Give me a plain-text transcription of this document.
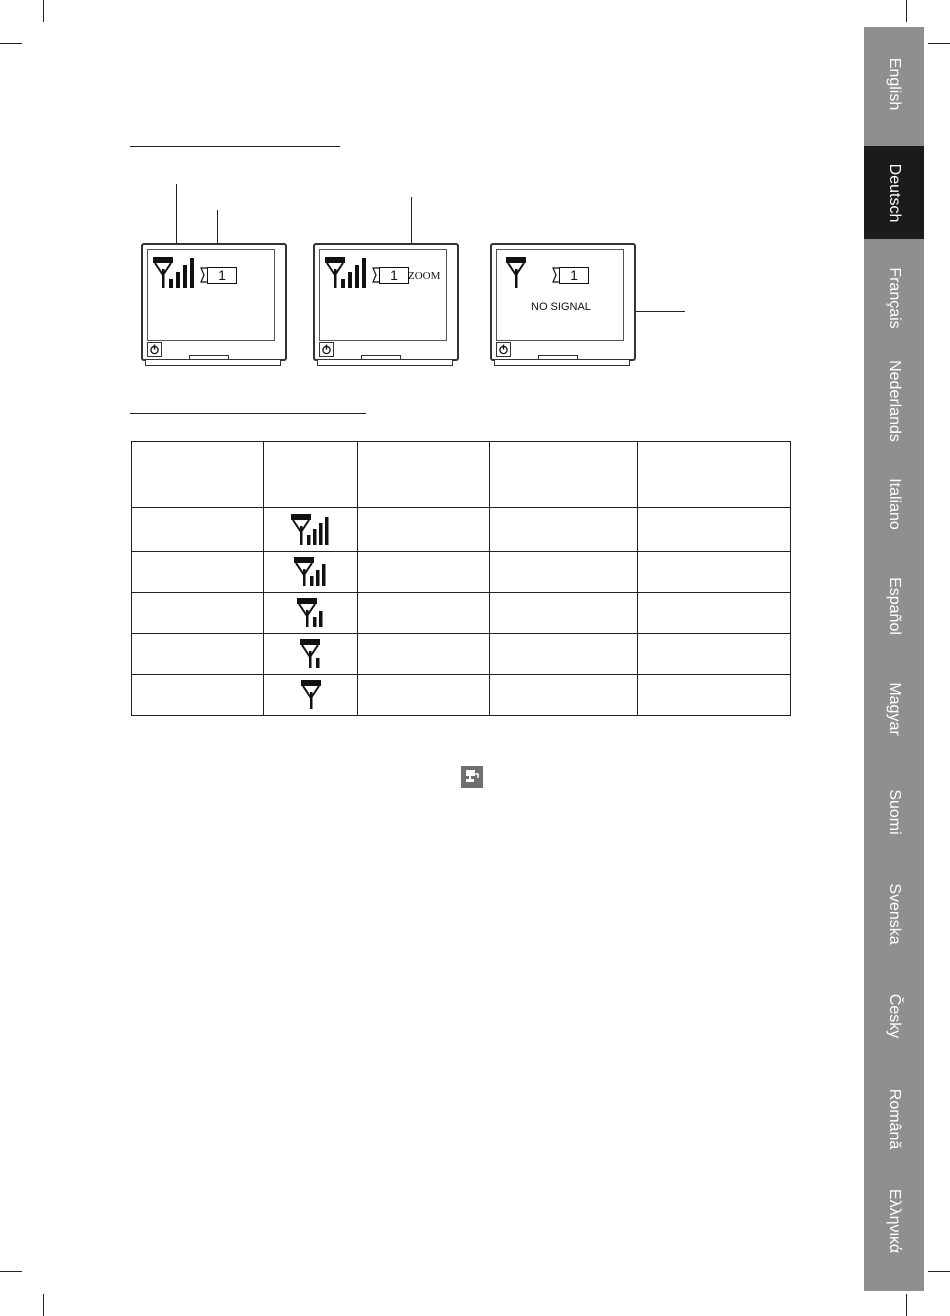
English
Deutsch
Français
Nederlands
Italiano
Español
Magyar
Suomi
Svenska
Česky
Română
Ελληνικά
1	1 ZOOM	1
NO SIGNAL
